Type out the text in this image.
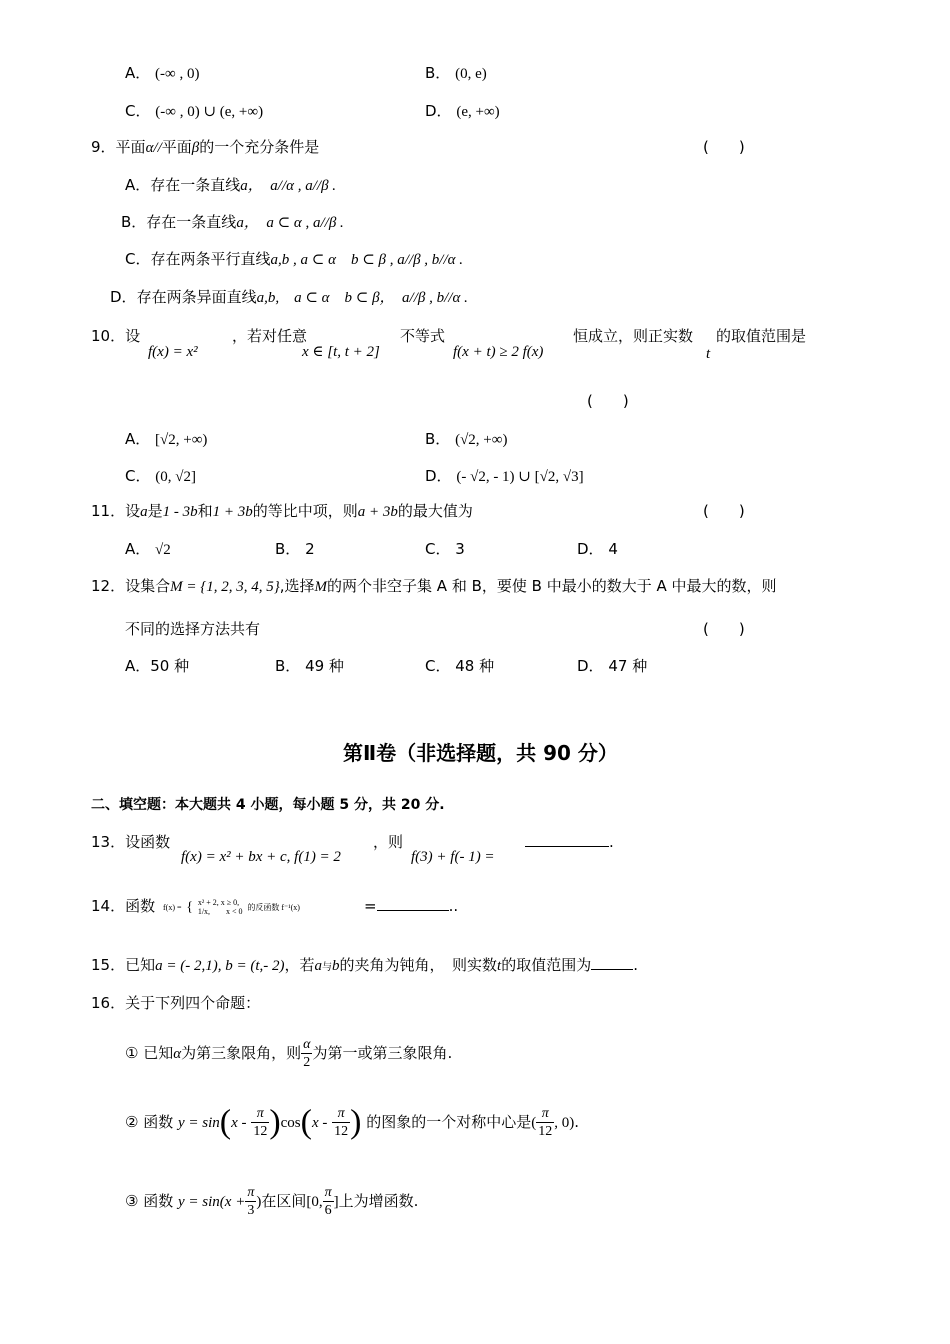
A． (-∞ , 0)	B． (0, e)
C． (-∞ , 0) ∪ (e, +∞)	D． (e, +∞)
9．平面α//平面β的一个充分条件是	(　　)
A．存在一条直线a，　a//α , a//β .
B．存在一条直线a，　a ⊂ α , a//β .
C．存在两条平行直线a,b , a ⊂ α　b ⊂ β , a//β , b//α .
D．存在两条异面直线a,b,　a ⊂ α　b ⊂ β，　a//β , b//α .
10．设
f(x) = x²
，若对任意
x ∈ [t, t + 2]
不等式
f(x + t) ≥ 2 f(x)
恒成立，则正实数
t
的取值范围是
(　　)
A． [√2, +∞)	B． (√2, +∞)
C． (0, √2]	D． (- √2, - 1) ∪ [√2, √3]
11．设a是1 - 3b和1 + 3b的等比中项，则a + 3b的最大值为	(　　)
A． √2	B． 2	C． 3	D． 4
12．设集合M = {1, 2, 3, 4, 5},选择M的两个非空子集 A 和 B，要使 B 中最小的数大于 A 中最大的数，则
不同的选择方法共有	(　　)
A．50 种	B． 49 种	C． 48 种	D． 47 种
第Ⅱ卷（非选择题，共 90 分）
二、填空题：本大题共 4 小题，每小题 5 分，共 20 分.
13．设函数
f(x) = x² + bx + c, f(1) = 2
，则
f(3) + f(- 1) =
.
14．函数 f(x) = { x² + 2, x ≥ 0,
1/x,　　x < 0 的反函数 f⁻¹(x)	=	..
15．已知a = (- 2,1), b = (t,- 2)，若a与b的夹角为钝角，　则实数t的取值范围为	.
16．关于下列四个命题：
① 已知α为第三象限角，则 $\frac{\alpha}{2}$ 为第一或第三象限角.
② 函数 $y = \sin(x - \frac{\pi}{12} )\cos(x - \frac{\pi}{12}$ ) 的图象的一个对称中心是( $\frac{\pi}{12}$ , 0).
③ 函数 $y = \sin(x + \frac{\pi}{3}$ )在区间[0, $\frac{\pi}{6}$ ]上为增函数.
